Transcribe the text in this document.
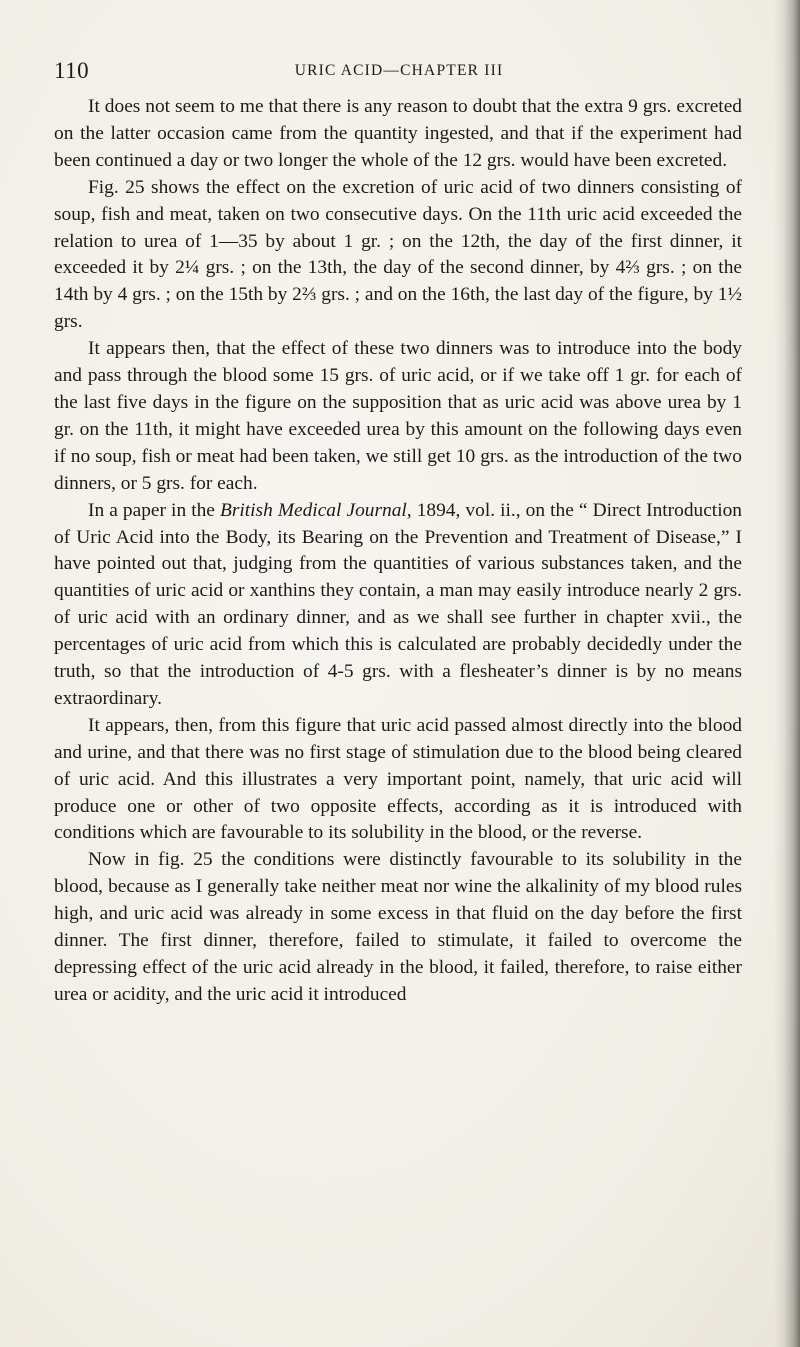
110	URIC ACID—CHAPTER III

It does not seem to me that there is any reason to doubt that the extra 9 grs. excreted on the latter occasion came from the quantity ingested, and that if the experiment had been continued a day or two longer the whole of the 12 grs. would have been excreted.

Fig. 25 shows the effect on the excretion of uric acid of two dinners consisting of soup, fish and meat, taken on two consecutive days. On the 11th uric acid exceeded the relation to urea of 1—35 by about 1 gr. ; on the 12th, the day of the first dinner, it exceeded it by 2¼ grs. ; on the 13th, the day of the second dinner, by 4⅔ grs. ; on the 14th by 4 grs. ; on the 15th by 2⅔ grs. ; and on the 16th, the last day of the figure, by 1½ grs.

It appears then, that the effect of these two dinners was to introduce into the body and pass through the blood some 15 grs. of uric acid, or if we take off 1 gr. for each of the last five days in the figure on the supposition that as uric acid was above urea by 1 gr. on the 11th, it might have exceeded urea by this amount on the following days even if no soup, fish or meat had been taken, we still get 10 grs. as the introduction of the two dinners, or 5 grs. for each.

In a paper in the British Medical Journal, 1894, vol. ii., on the “ Direct Introduction of Uric Acid into the Body, its Bearing on the Prevention and Treatment of Disease,” I have pointed out that, judging from the quantities of various substances taken, and the quantities of uric acid or xanthins they contain, a man may easily introduce nearly 2 grs. of uric acid with an ordinary dinner, and as we shall see further in chapter xvii., the percentages of uric acid from which this is calculated are probably decidedly under the truth, so that the introduction of 4-5 grs. with a flesheater’s dinner is by no means extraordinary.

It appears, then, from this figure that uric acid passed almost directly into the blood and urine, and that there was no first stage of stimulation due to the blood being cleared of uric acid. And this illustrates a very important point, namely, that uric acid will produce one or other of two opposite effects, according as it is introduced with conditions which are favourable to its solubility in the blood, or the reverse.

Now in fig. 25 the conditions were distinctly favourable to its solubility in the blood, because as I generally take neither meat nor wine the alkalinity of my blood rules high, and uric acid was already in some excess in that fluid on the day before the first dinner. The first dinner, therefore, failed to stimulate, it failed to overcome the depressing effect of the uric acid already in the blood, it failed, therefore, to raise either urea or acidity, and the uric acid it introduced
